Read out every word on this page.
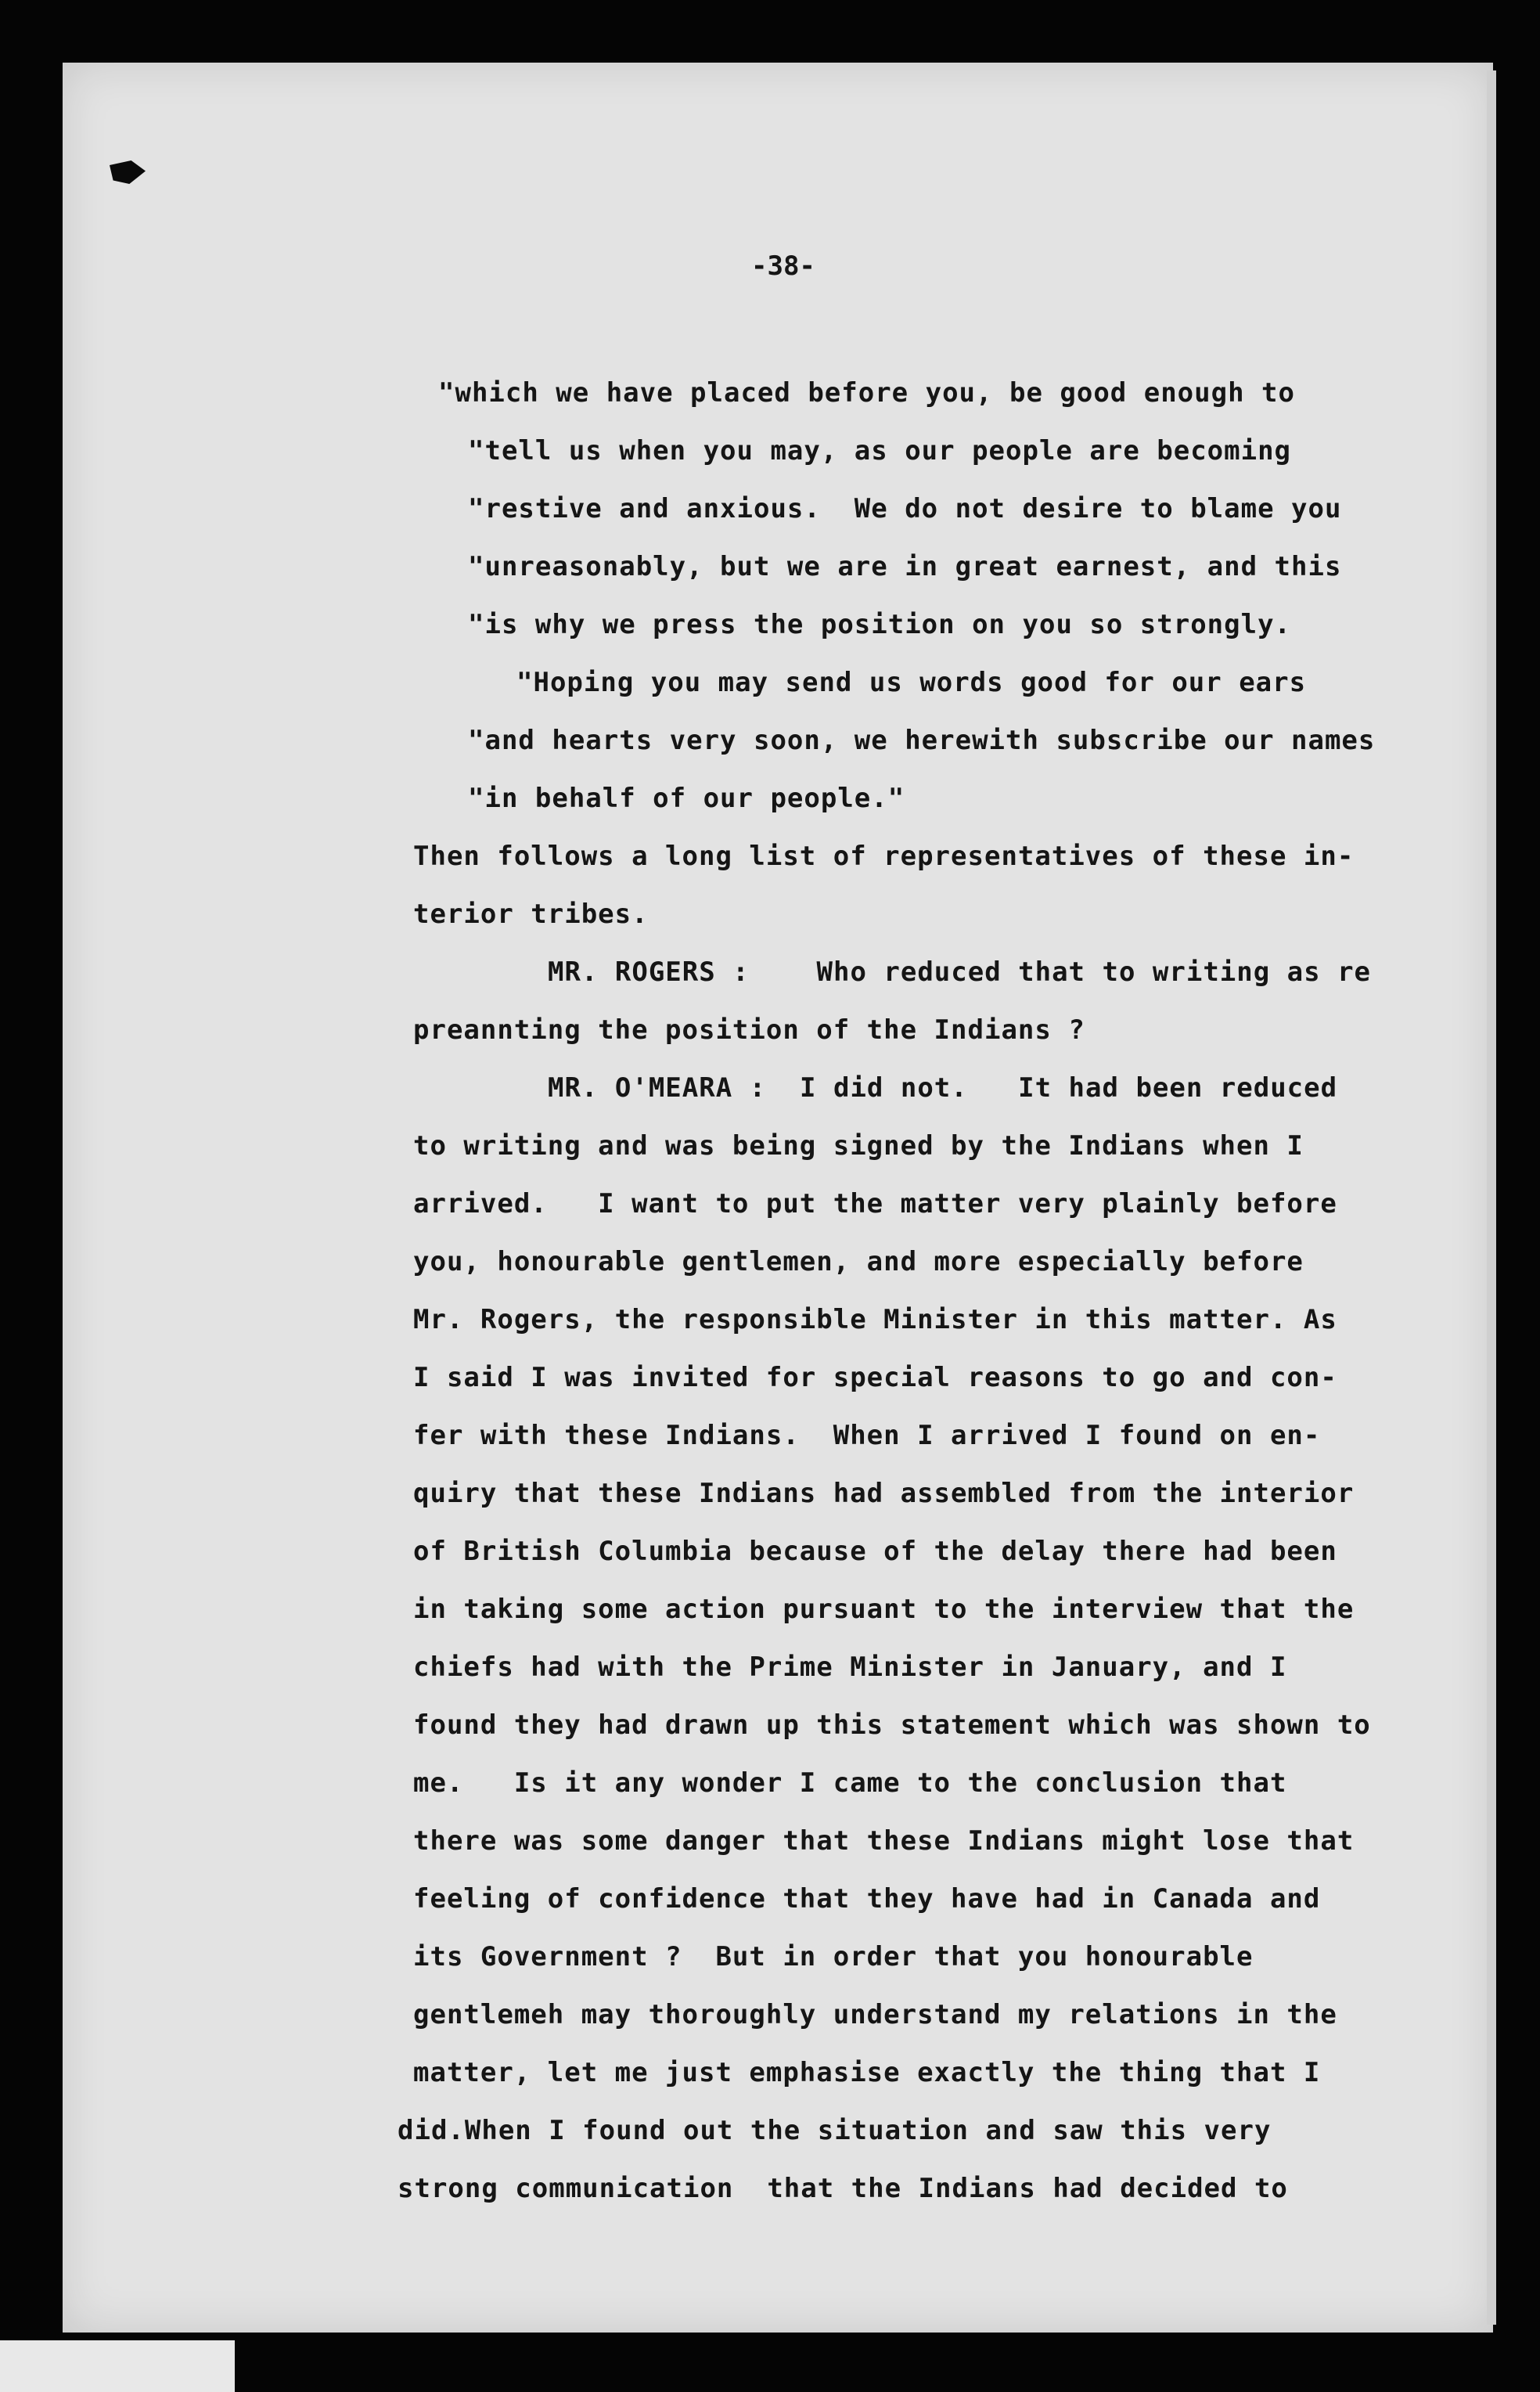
-38-
"which we have placed before you, be good enough to
"tell us when you may, as our people are becoming
"restive and anxious.  We do not desire to blame you
"unreasonably, but we are in great earnest, and this
"is why we press the position on you so strongly.
"Hoping you may send us words good for our ears
"and hearts very soon, we herewith subscribe our names
"in behalf of our people."
Then follows a long list of representatives of these in-
terior tribes.
MR. ROGERS :    Who reduced that to writing as re
preannting the position of the Indians ?
MR. O'MEARA :  I did not.   It had been reduced
to writing and was being signed by the Indians when I
arrived.   I want to put the matter very plainly before
you, honourable gentlemen, and more especially before
Mr. Rogers, the responsible Minister in this matter. As
I said I was invited for special reasons to go and con-
fer with these Indians.  When I arrived I found on en-
quiry that these Indians had assembled from the interior
of British Columbia because of the delay there had been
in taking some action pursuant to the interview that the
chiefs had with the Prime Minister in January, and I
found they had drawn up this statement which was shown to
me.   Is it any wonder I came to the conclusion that
there was some danger that these Indians might lose that
feeling of confidence that they have had in Canada and
its Government ?  But in order that you honourable
gentlemeh may thoroughly understand my relations in the
matter, let me just emphasise exactly the thing that I
did.When I found out the situation and saw this very
strong communication  that the Indians had decided to
